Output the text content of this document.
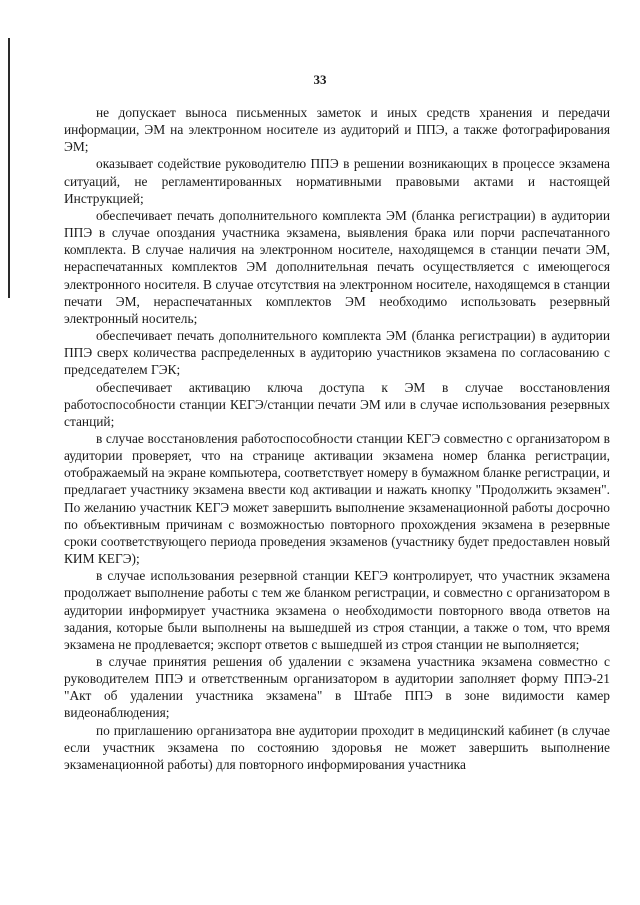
33

не допускает выноса письменных заметок и иных средств хранения и передачи информации, ЭМ на электронном носителе из аудиторий и ППЭ, а также фотографирования ЭМ;

оказывает содействие руководителю ППЭ в решении возникающих в процессе экзамена ситуаций, не регламентированных нормативными правовыми актами и настоящей Инструкцией;

обеспечивает печать дополнительного комплекта ЭМ (бланка регистрации) в аудитории ППЭ в случае опоздания участника экзамена, выявления брака или порчи распечатанного комплекта. В случае наличия на электронном носителе, находящемся в станции печати ЭМ, нераспечатанных комплектов ЭМ дополнительная печать осуществляется с имеющегося электронного носителя. В случае отсутствия на электронном носителе, находящемся в станции печати ЭМ, нераспечатанных комплектов ЭМ необходимо использовать резервный электронный носитель;

обеспечивает печать дополнительного комплекта ЭМ (бланка регистрации) в аудитории ППЭ сверх количества распределенных в аудиторию участников экзамена по согласованию с председателем ГЭК;

обеспечивает активацию ключа доступа к ЭМ в случае восстановления работоспособности станции КЕГЭ/станции печати ЭМ или в случае использования резервных станций;

в случае восстановления работоспособности станции КЕГЭ совместно с организатором в аудитории проверяет, что на странице активации экзамена номер бланка регистрации, отображаемый на экране компьютера, соответствует номеру в бумажном бланке регистрации, и предлагает участнику экзамена ввести код активации и нажать кнопку "Продолжить экзамен". По желанию участник КЕГЭ может завершить выполнение экзаменационной работы досрочно по объективным причинам с возможностью повторного прохождения экзамена в резервные сроки соответствующего периода проведения экзаменов (участнику будет предоставлен новый КИМ КЕГЭ);

в случае использования резервной станции КЕГЭ контролирует, что участник экзамена продолжает выполнение работы с тем же бланком регистрации, и совместно с организатором в аудитории информирует участника экзамена о необходимости повторного ввода ответов на задания, которые были выполнены на вышедшей из строя станции, а также о том, что время экзамена не продлевается; экспорт ответов с вышедшей из строя станции не выполняется;

в случае принятия решения об удалении с экзамена участника экзамена совместно с руководителем ППЭ и ответственным организатором в аудитории заполняет форму ППЭ-21 "Акт об удалении участника экзамена" в Штабе ППЭ в зоне видимости камер видеонаблюдения;

по приглашению организатора вне аудитории проходит в медицинский кабинет (в случае если участник экзамена по состоянию здоровья не может завершить выполнение экзаменационной работы) для повторного информирования участника
